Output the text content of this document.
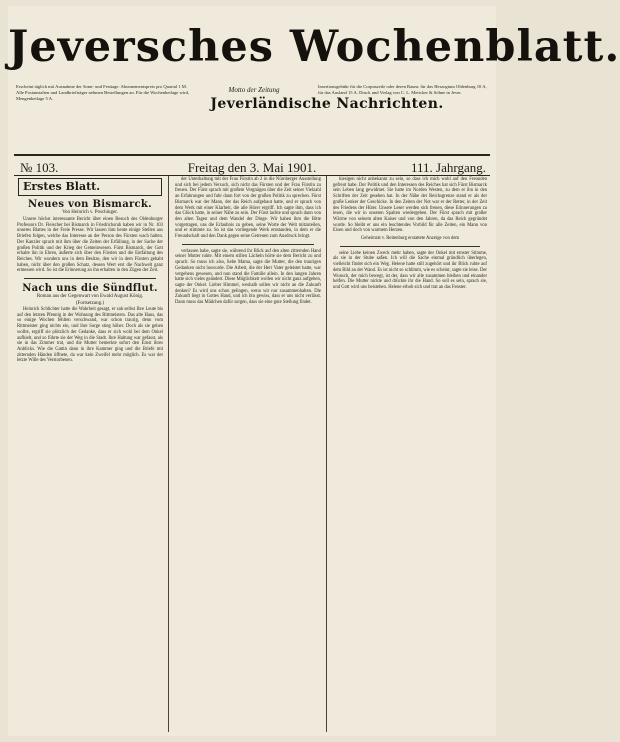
Jeversches Wochenblatt.
Erscheint täglich mit Ausnahme der Sonn- und Festtage. Abonnementspreis pro Quartal 1 M. Alle Postanstalten und Landbriefträger nehmen Bestellungen an. Für die Wochenbeilage wird, Mengenbeilage 5 A.
Motto der Zeitung	Insertionsgebühr für die Corpuszeile oder deren Raum: für das Herzogtum Oldenburg 10 A, für das Ausland 15 A. Druck und Verlag von C. L. Mettcker & Söhne in Jever.
Jeverländische Nachrichten.
№ 103.	Freitag den 3. Mai 1901.	111. Jahrgang.
Erstes Blatt.
Neues von Bismarck.
Von Heinrich v. Poschinger.

Unsere höchst interessante Bericht über einen Besuch des Oldenburger Professors Dr. Fleischer bei Bismarck in Friedrichsruh haben wir in Nr. 103 unseres Blattes in der Freie Presse. Wir lassen ihm heute einige Stellen aus Briefen folgen, welche das Interesse an der Person des Fürsten wach halten. Der Kanzler sprach mit ihm über die Zeiten der Erfüllung, in der Sache der großen Politik und der Krieg der Gemeinwesen. Fürst Bismarck, der Gott erhalte ihn in Ehren, äußerte sich über den Fürsten und die Entfaltung des Reiches. Wir wundern uns in dem Besitze, den wir in dem Fürsten gehabt haben, nicht über den großen Schatz, dessen Wert erst die Nachwelt ganz ermessen wird. So ist die Erinnerung an ihn erhalten in den Zügen der Zeit.

Nach uns die Sündflut.
Roman aus der Gegenwart von Ewald August König.
(Fortsetzung.)

Heinrich Schlichter hatte die Wahrheit gesagt, er sah selbst Ihre Leute bis auf den letzten Pfennig in der Wohnung des Rittmeisters. Das alte Haus, das so einige Wochen fehlten verschwand, war schon traurig, denn vom Rittmeister ging nichts ein, und ihre Sorge stieg höher. Doch als sie gehen wollte, ergriff sie plötzlich der Gedanke, dass er sich wohl bei dem Onkel aufhielt, und so führte sie der Weg in die Stadt. Ihre Haltung war gefasst, als sie in das Zimmer trat, und die Mutter bemerkte sofort den Ernst ihres Anblicks. Wie die Gattin dann in ihre Kammer ging und die Briefe mit zitternden Händen öffnete, da war kein Zweifel mehr möglich. Es war der letzte Wille des Verstorbenen.

der Unterhaltung mit der Frau Fürstin ab 2 in die Nürnberger Ausstellung und sich bei jedem Versuch, sich nicht das Fürsten und der Frau Fürstin zu freuen. Der Fürst sprach mit großem Vergnügen über die Zeit seiner Vielzahl an Erfahrungen und fuhr dann fort von der großen Politik zu sprechen. Fürst Bismarck war der Mann, der das Reich aufgebaut hatte, und er sprach von dem Werk mit einer Klarheit, die alle Hörer ergriff. Ich sagte ihm, dass ich das Glück hatte, in seiner Nähe zu sein. Der Fürst lachte und sprach dann von den alten Tagen und dem Wandel der Dinge. Wir haben ihm die Bitte vorgetragen, uns die Erlaubnis zu geben, seine Worte der Welt mitzuteilen, und er stimmte zu. So ist das vorliegende Werk entstanden, in dem er die Freundschaft und den Dank gegen seine Getreuen zum Ausdruck bringt.

verlassen habe, sagte sie, während ihr Blick auf den alten zitternden Hand seiner Mutter ruhte. Mit einem stillen Lächeln hörte sie dem Bericht zu und sprach: So muss ich also, liebe Mama, sagte die Mutter, die den traurigen Gedanken nicht loswurde. Die Arbeit, die der Herr Vater geleistet hatte, war vergebens gewesen, und nun stand die Familie allein. In den langen Jahren hatte sich vieles geändert. Diese Möglichkeit wollen wir nicht ganz aufgeben, sagte der Onkel. Lieber Himmel, weshalb sollen wir nicht an die Zukunft denken? Es wird uns schon gelingen, wenn wir nur zusammenhalten. Die Zukunft liegt in Gottes Hand, und ich bin gewiss, dass er uns nicht verlässt. Dann muss das Mädchen dafür sorgen, dass sie eine gute Stellung findet.

hiesigen nicht unbekannt zu sein, so dass ich mich wohl auf den Freunden gefreut habe. Der Politik und den Interessen des Reiches hat sich Fürst Bismarck sein Leben lang gewidmet. Sie hatte im Norden Westen, zu dem er ihn in den Schriften der Zeit gesehen hat. In der Nähe der Reichsgrenze stand er als der große Lenker der Geschicke. In den Zeiten der Not war er der Retter, in der Zeit des Friedens der Hüter. Unsere Leser werden sich freuen, diese Erinnerungen zu lesen, die wir in unseren Spalten wiedergeben. Der Fürst sprach mit großer Wärme von seinem alten Kaiser und von den Jahren, da das Reich gegründet wurde. So bleibt er uns ein leuchtendes Vorbild für alle Zeiten, ein Mann von Eisen und doch von warmem Herzen.

Geheimrat v. Reitenburg erstattete Anzeige von dem

seine Liebe keinen Zweck mehr haben, sagte der Onkel mit ernster Stimme, als sie in der Stube saßen. Ich will die Sache einmal gründlich überlegen, vielleicht findet sich ein Weg. Helene hatte still zugehört und ihr Blick ruhte auf dem Bild an der Wand. Es ist nicht so schlimm, wie es scheint, sagte sie leise. Der Wunsch, der mich bewegt, ist der, dass wir alle zusammen bleiben und einander helfen. Die Mutter nickte und drückte ihr die Hand. So soll es sein, sprach sie, und Gott wird uns beistehen. Helene erhob sich und trat an das Fenster.
